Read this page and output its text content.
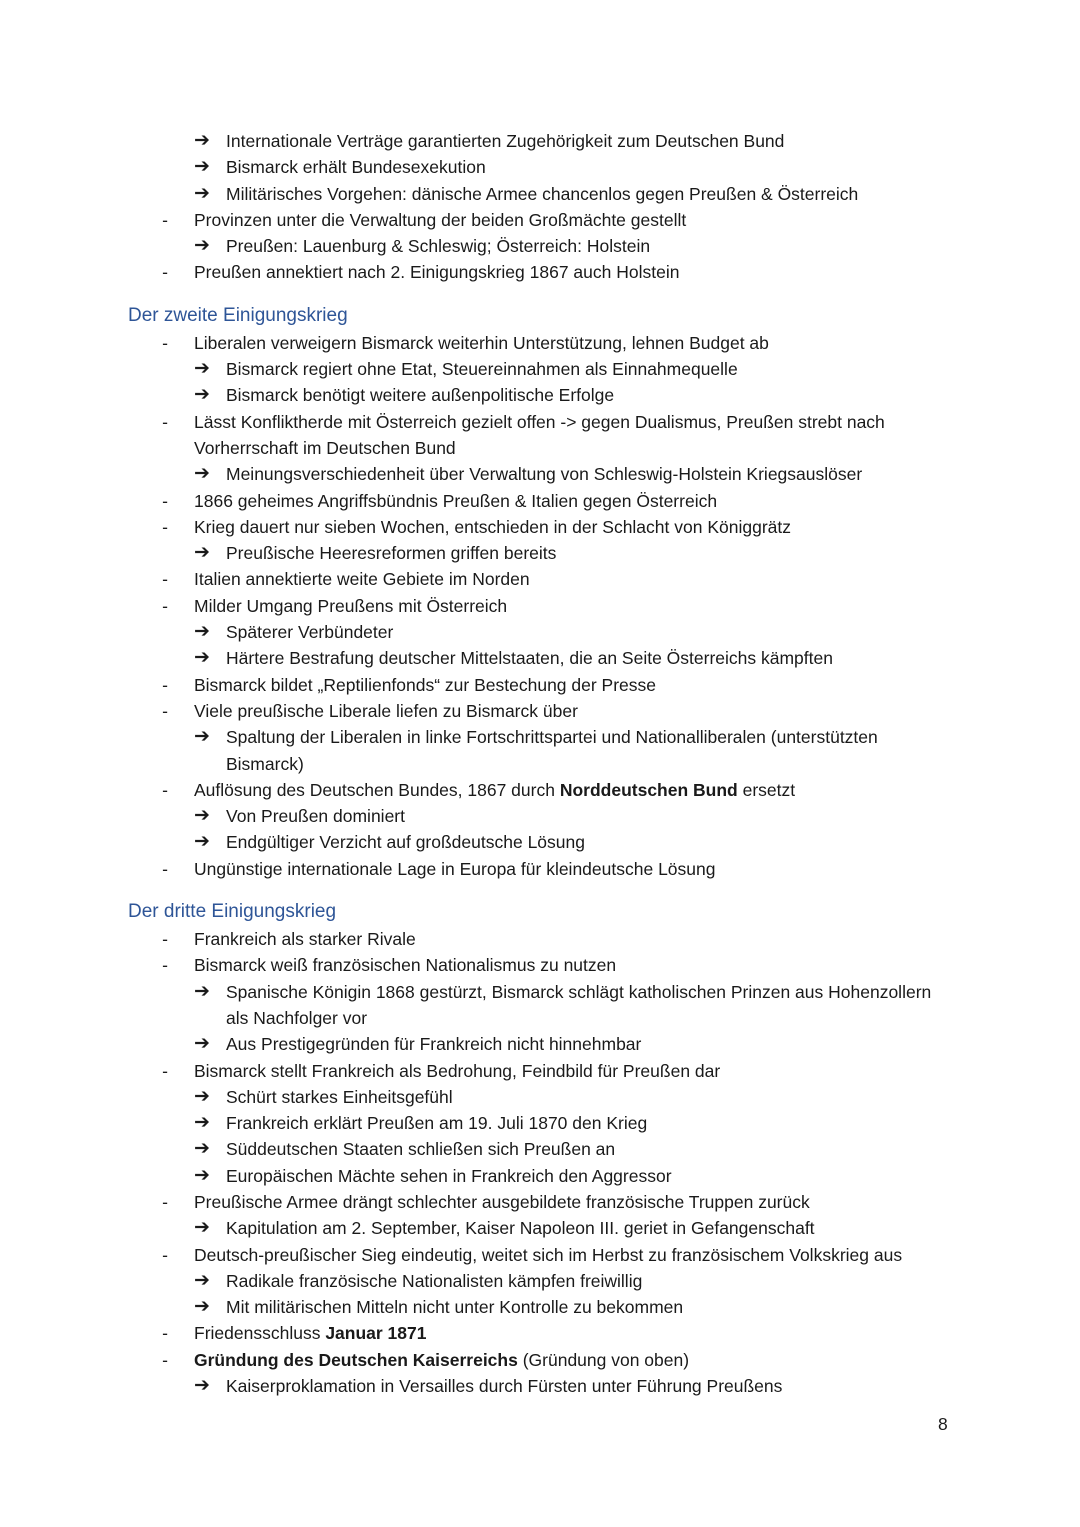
➔ Internationale Verträge garantierten Zugehörigkeit zum Deutschen Bund
➔ Bismarck erhält Bundesexekution
➔ Militärisches Vorgehen: dänische Armee chancenlos gegen Preußen & Österreich
- Provinzen unter die Verwaltung der beiden Großmächte gestellt
➔ Preußen: Lauenburg & Schleswig; Österreich: Holstein
- Preußen annektiert nach 2. Einigungskrieg 1867 auch Holstein
Der zweite Einigungskrieg
- Liberalen verweigern Bismarck weiterhin Unterstützung, lehnen Budget ab
➔ Bismarck regiert ohne Etat, Steuereinnahmen als Einnahmequelle
➔ Bismarck benötigt weitere außenpolitische Erfolge
- Lässt Konfliktherde mit Österreich gezielt offen -> gegen Dualismus, Preußen strebt nach
Vorherrschaft im Deutschen Bund
➔ Meinungsverschiedenheit über Verwaltung von Schleswig-Holstein Kriegsauslöser
- 1866 geheimes Angriffsbündnis Preußen & Italien gegen Österreich
- Krieg dauert nur sieben Wochen, entschieden in der Schlacht von Königgrätz
➔ Preußische Heeresreformen griffen bereits
- Italien annektierte weite Gebiete im Norden
- Milder Umgang Preußens mit Österreich
➔ Späterer Verbündeter
➔ Härtere Bestrafung deutscher Mittelstaaten, die an Seite Österreichs kämpften
- Bismarck bildet „Reptilienfonds“ zur Bestechung der Presse
- Viele preußische Liberale liefen zu Bismarck über
➔ Spaltung der Liberalen in linke Fortschrittspartei und Nationalliberalen (unterstützten
Bismarck)
- Auflösung des Deutschen Bundes, 1867 durch Norddeutschen Bund ersetzt
➔ Von Preußen dominiert
➔ Endgültiger Verzicht auf großdeutsche Lösung
- Ungünstige internationale Lage in Europa für kleindeutsche Lösung
Der dritte Einigungskrieg
- Frankreich als starker Rivale
- Bismarck weiß französischen Nationalismus zu nutzen
➔ Spanische Königin 1868 gestürzt, Bismarck schlägt katholischen Prinzen aus Hohenzollern
als Nachfolger vor
➔ Aus Prestigegründen für Frankreich nicht hinnehmbar
- Bismarck stellt Frankreich als Bedrohung, Feindbild für Preußen dar
➔ Schürt starkes Einheitsgefühl
➔ Frankreich erklärt Preußen am 19. Juli 1870 den Krieg
➔ Süddeutschen Staaten schließen sich Preußen an
➔ Europäischen Mächte sehen in Frankreich den Aggressor
- Preußische Armee drängt schlechter ausgebildete französische Truppen zurück
➔ Kapitulation am 2. September, Kaiser Napoleon III. geriet in Gefangenschaft
- Deutsch-preußischer Sieg eindeutig, weitet sich im Herbst zu französischem Volkskrieg aus
➔ Radikale französische Nationalisten kämpfen freiwillig
➔ Mit militärischen Mitteln nicht unter Kontrolle zu bekommen
- Friedensschluss Januar 1871
- Gründung des Deutschen Kaiserreichs (Gründung von oben)
➔ Kaiserproklamation in Versailles durch Fürsten unter Führung Preußens
8
